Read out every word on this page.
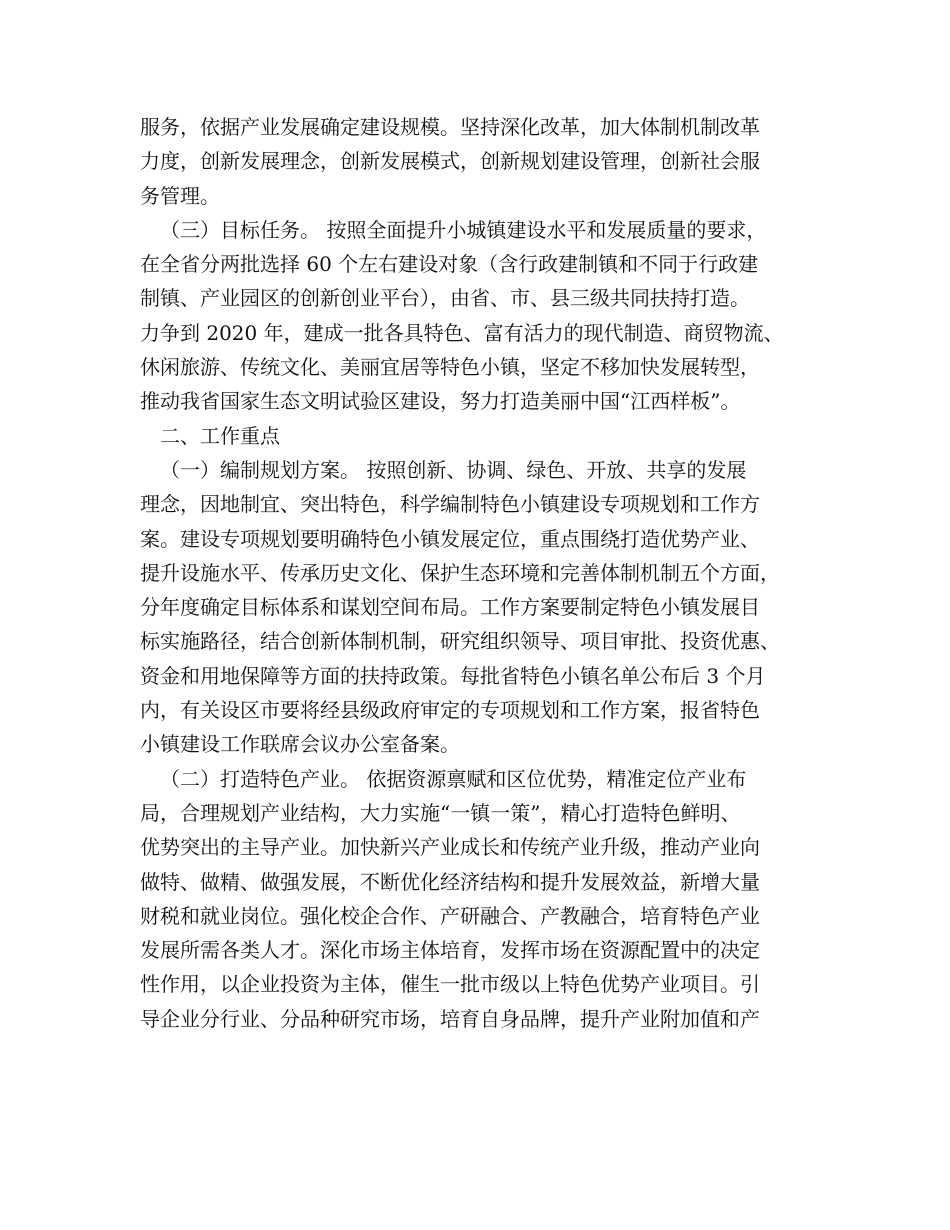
服务，依据产业发展确定建设规模。坚持深化改革，加大体制机制改革
力度，创新发展理念，创新发展模式，创新规划建设管理，创新社会服
务管理。
（三）目标任务。 按照全面提升小城镇建设水平和发展质量的要求，
在全省分两批选择 60 个左右建设对象（含行政建制镇和不同于行政建
制镇、产业园区的创新创业平台），由省、市、县三级共同扶持打造。
力争到 2020 年，建成一批各具特色、富有活力的现代制造、商贸物流、
休闲旅游、传统文化、美丽宜居等特色小镇，坚定不移加快发展转型，
推动我省国家生态文明试验区建设，努力打造美丽中国“江西样板”。
二、工作重点
（一）编制规划方案。 按照创新、协调、绿色、开放、共享的发展
理念，因地制宜、突出特色，科学编制特色小镇建设专项规划和工作方
案。建设专项规划要明确特色小镇发展定位，重点围绕打造优势产业、
提升设施水平、传承历史文化、保护生态环境和完善体制机制五个方面，
分年度确定目标体系和谋划空间布局。工作方案要制定特色小镇发展目
标实施路径，结合创新体制机制，研究组织领导、项目审批、投资优惠、
资金和用地保障等方面的扶持政策。每批省特色小镇名单公布后 3 个月
内，有关设区市要将经县级政府审定的专项规划和工作方案，报省特色
小镇建设工作联席会议办公室备案。
（二）打造特色产业。 依据资源禀赋和区位优势，精准定位产业布
局，合理规划产业结构，大力实施“一镇一策”，精心打造特色鲜明、
优势突出的主导产业。加快新兴产业成长和传统产业升级，推动产业向
做特、做精、做强发展，不断优化经济结构和提升发展效益，新增大量
财税和就业岗位。强化校企合作、产研融合、产教融合，培育特色产业
发展所需各类人才。深化市场主体培育，发挥市场在资源配置中的决定
性作用，以企业投资为主体，催生一批市级以上特色优势产业项目。引
导企业分行业、分品种研究市场，培育自身品牌，提升产业附加值和产
